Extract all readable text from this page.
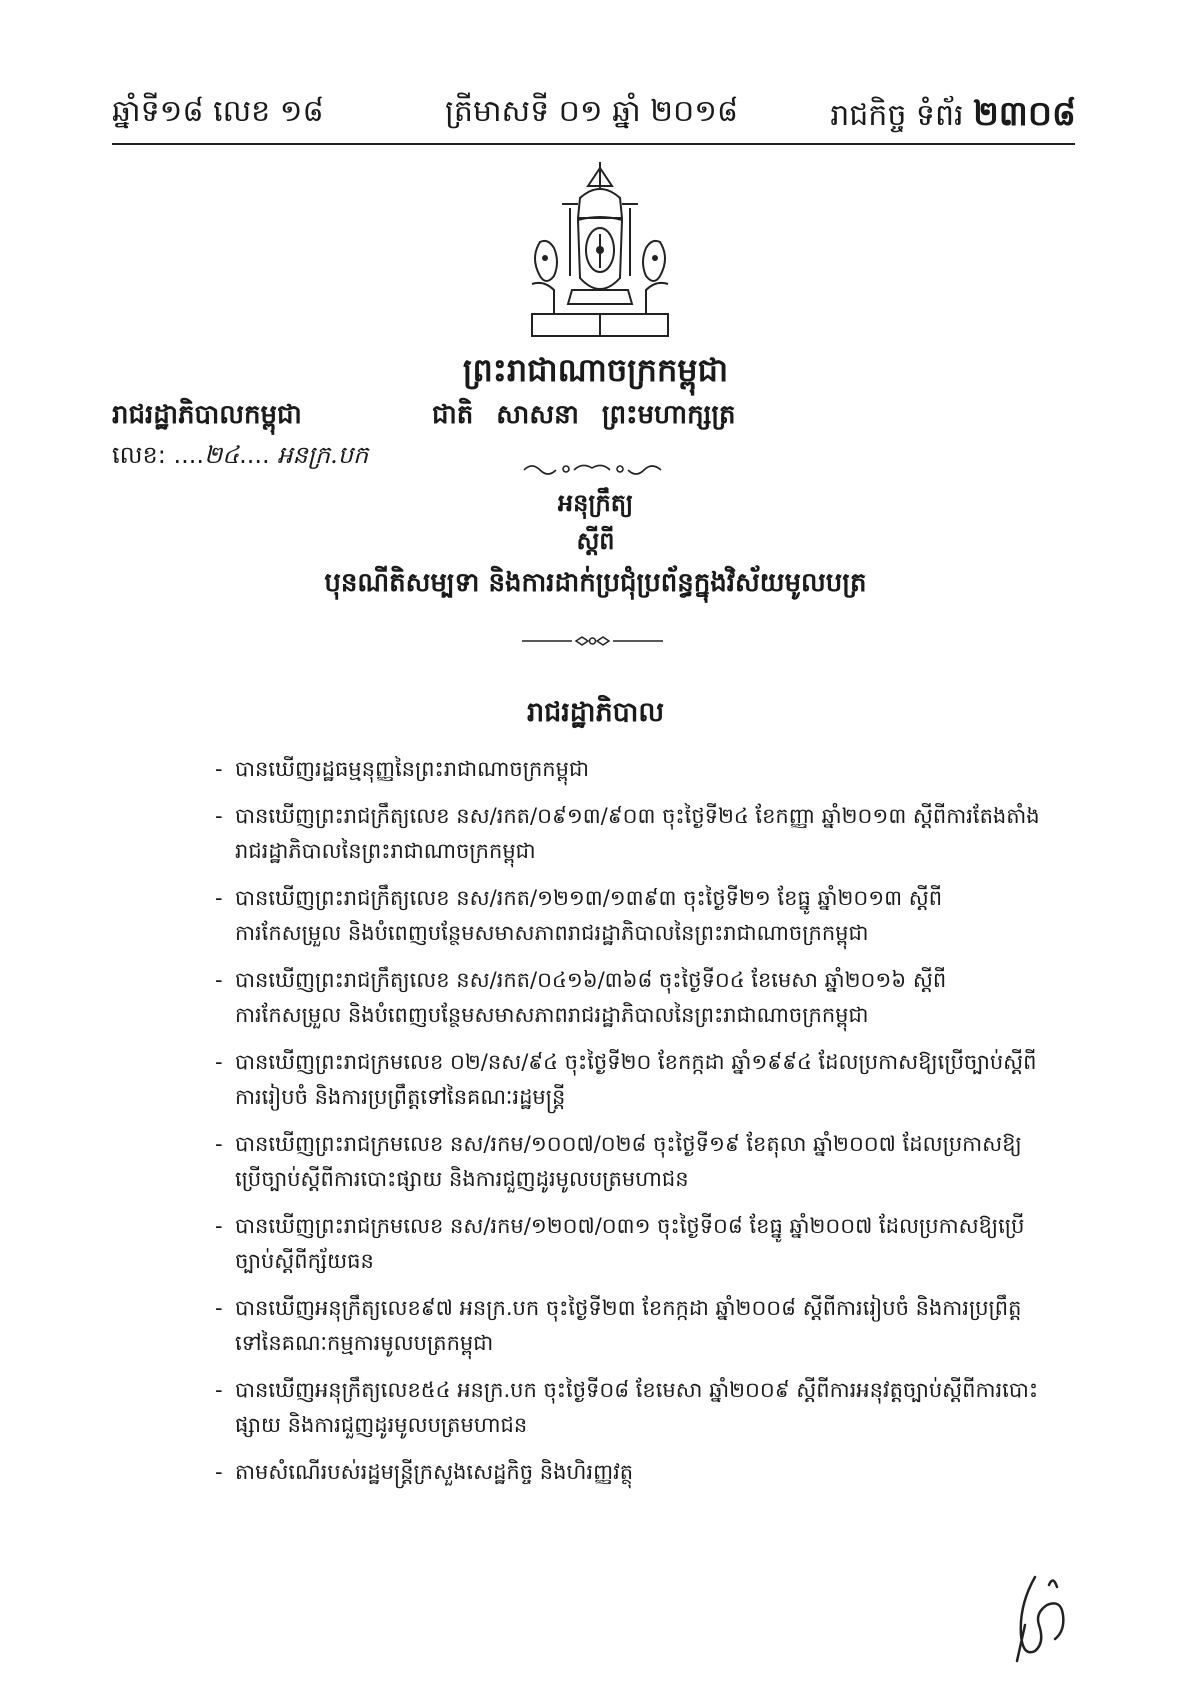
ឆ្នាំទី១៨ លេខ ១៨	ត្រីមាសទី ០១ ឆ្នាំ ២០១៨	រាជកិច្ច ទំព័រ ២៣០៨
ព្រះរាជាណាចក្រកម្ពុជា
រាជរដ្ឋាភិបាលកម្ពុជា
លេខ: ....២៤.... អនក្រ.បក
ជាតិ សាសនា ព្រះមហាក្សត្រ
អនុក្រឹត្យ
ស្តីពី
បុនណីតិសម្បទា និងការដាក់ប្រជុំប្រព័ន្ធក្នុងវិស័យមូលបត្រ
រាជរដ្ឋាភិបាល
- បានឃើញរដ្ឋធម្មនុញ្ញនៃព្រះរាជាណាចក្រកម្ពុជា
- បានឃើញព្រះរាជក្រឹត្យលេខ នស/រកត/០៩១៣/៩០៣ ចុះថ្ងៃទី២៤ ខែកញ្ញា ឆ្នាំ២០១៣ ស្តីពីការតែងតាំងរាជរដ្ឋាភិបាលនៃព្រះរាជាណាចក្រកម្ពុជា
- បានឃើញព្រះរាជក្រឹត្យលេខ នស/រកត/១២១៣/១៣៩៣ ចុះថ្ងៃទី២១ ខែធ្នូ ឆ្នាំ២០១៣ ស្តីពីការកែសម្រួល និងបំពេញបន្ថែមសមាសភាពរាជរដ្ឋាភិបាលនៃព្រះរាជាណាចក្រកម្ពុជា
- បានឃើញព្រះរាជក្រឹត្យលេខ នស/រកត/០៤១៦/៣៦៨ ចុះថ្ងៃទី០៤ ខែមេសា ឆ្នាំ២០១៦ ស្តីពីការកែសម្រួល និងបំពេញបន្ថែមសមាសភាពរាជរដ្ឋាភិបាលនៃព្រះរាជាណាចក្រកម្ពុជា
- បានឃើញព្រះរាជក្រមលេខ ០២/នស/៩៤ ចុះថ្ងៃទី២០ ខែកក្កដា ឆ្នាំ១៩៩៤ ដែលប្រកាសឱ្យប្រើច្បាប់ស្តីពីការរៀបចំ និងការប្រព្រឹត្តទៅនៃគណៈរដ្ឋមន្ត្រី
- បានឃើញព្រះរាជក្រមលេខ នស/រកម/១០០៧/០២៨ ចុះថ្ងៃទី១៩ ខែតុលា ឆ្នាំ២០០៧ ដែលប្រកាសឱ្យប្រើច្បាប់ស្តីពីការបោះផ្សាយ និងការជួញដូរមូលបត្រមហាជន
- បានឃើញព្រះរាជក្រមលេខ នស/រកម/១២០៧/០៣១ ចុះថ្ងៃទី០៨ ខែធ្នូ ឆ្នាំ២០០៧ ដែលប្រកាសឱ្យប្រើច្បាប់ស្តីពីក្ស័យធន
- បានឃើញអនុក្រឹត្យលេខ៩៧ អនក្រ.បក ចុះថ្ងៃទី២៣ ខែកក្កដា ឆ្នាំ២០០៨ ស្តីពីការរៀបចំ និងការប្រព្រឹត្តទៅនៃគណៈកម្មការមូលបត្រកម្ពុជា
- បានឃើញអនុក្រឹត្យលេខ៥៤ អនក្រ.បក ចុះថ្ងៃទី០៨ ខែមេសា ឆ្នាំ២០០៩ ស្តីពីការអនុវត្តច្បាប់ស្តីពីការបោះផ្សាយ និងការជួញដូរមូលបត្រមហាជន
- តាមសំណើរបស់រដ្ឋមន្ត្រីក្រសួងសេដ្ឋកិច្ច និងហិរញ្ញវត្ថុ
